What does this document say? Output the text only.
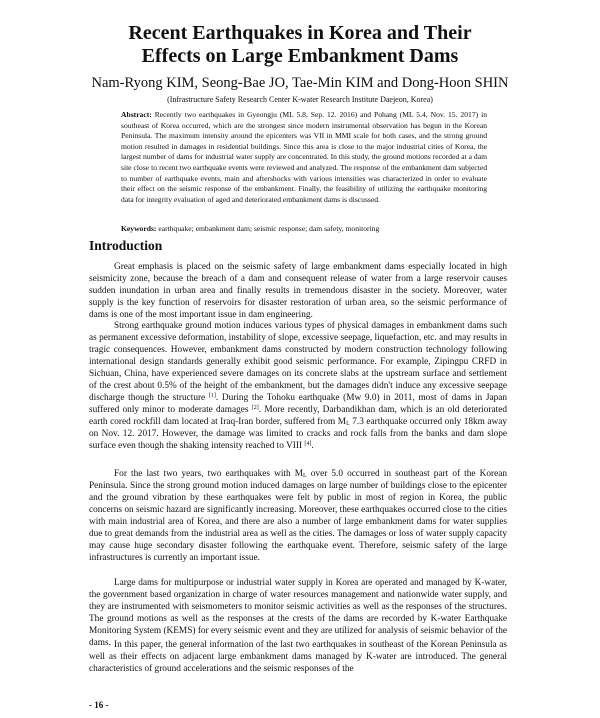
Recent Earthquakes in Korea and Their
Effects on Large Embankment Dams
Nam-Ryong KIM, Seong-Bae JO, Tae-Min KIM and Dong-Hoon SHIN
(Infrastructure Safety Research Center K-water Research Institute Daejeon, Korea)
Abstract: Recently two earthquakes in Gyeongju (ML 5.8, Sep. 12. 2016) and Pohang (ML 5.4, Nov. 15. 2017) in southeast of Korea occurred, which are the strongest since modern instrumental observation has begun in the Korean Peninsula. The maximum intensity around the epicenters was VII in MMI scale for both cases, and the strong ground motion resulted in damages in residential buildings. Since this area is close to the major industrial cities of Korea, the largest number of dams for industrial water supply are concentrated. In this study, the ground motions recorded at a dam site close to recent two earthquake events were reviewed and analyzed. The response of the embankment dam subjected to number of earthquake events, main and aftershocks with various intensities was characterized in order to evaluate their effect on the seismic response of the embankment. Finally, the feasibility of utilizing the earthquake monitoring data for integrity evaluation of aged and deteriorated embankment dams is discussed.
Keywords: earthquake; embankment dam; seismic response; dam safety, monitoring
Introduction
Great emphasis is placed on the seismic safety of large embankment dams especially located in high seismicity zone, because the breach of a dam and consequent release of water from a large reservoir causes sudden inundation in urban area and finally results in tremendous disaster in the society. Moreover, water supply is the key function of reservoirs for disaster restoration of urban area, so the seismic performance of dams is one of the most important issue in dam engineering.
Strong earthquake ground motion induces various types of physical damages in embankment dams such as permanent excessive deformation, instability of slope, excessive seepage, liquefaction, etc. and may results in tragic consequences. However, embankment dams constructed by modern construction technology following international design standards generally exhibit good seismic performance. For example, Zipingpu CRFD in Sichuan, China, have experienced severe damages on its concrete slabs at the upstream surface and settlement of the crest about 0.5% of the height of the embankment, but the damages didn't induce any excessive seepage discharge though the structure [1]. During the Tohoku earthquake (Mw 9.0) in 2011, most of dams in Japan suffered only minor to moderate damages [2]. More recently, Darbandikhan dam, which is an old deteriorated earth cored rockfill dam located at Iraq-Iran border, suffered from $M_L$ 7.3 earthquake occurred only 18km away on Nov. 12. 2017. However, the damage was limited to cracks and rock falls from the banks and dam slope surface even though the shaking intensity reached to VIII [4].
For the last two years, two earthquakes with $M_L$ over 5.0 occurred in southeast part of the Korean Peninsula. Since the strong ground motion induced damages on large number of buildings close to the epicenter and the ground vibration by these earthquakes were felt by public in most of region in Korea, the public concerns on seismic hazard are significantly increasing. Moreover, these earthquakes occurred close to the cities with main industrial area of Korea, and there are also a number of large embankment dams for water supplies due to great demands from the industrial area as well as the cities. The damages or loss of water supply capacity may cause huge secondary disaster following the earthquake event. Therefore, seismic safety of the large infrastructures is currently an important issue.
Large dams for multipurpose or industrial water supply in Korea are operated and managed by K-water, the government based organization in charge of water resources management and nationwide water supply, and they are instrumented with seismometers to monitor seismic activities as well as the responses of the structures. The ground motions as well as the responses at the crests of the dams are recorded by K-water Earthquake Monitoring System (KEMS) for every seismic event and they are utilized for analysis of seismic behavior of the dams. In this paper, the general information of the last two earthquakes in southeast of the Korean Peninsula as well as their effects on adjacent large embankment dams managed by K-water are introduced. The general characteristics of ground accelerations and the seismic responses of the
- 16 -
